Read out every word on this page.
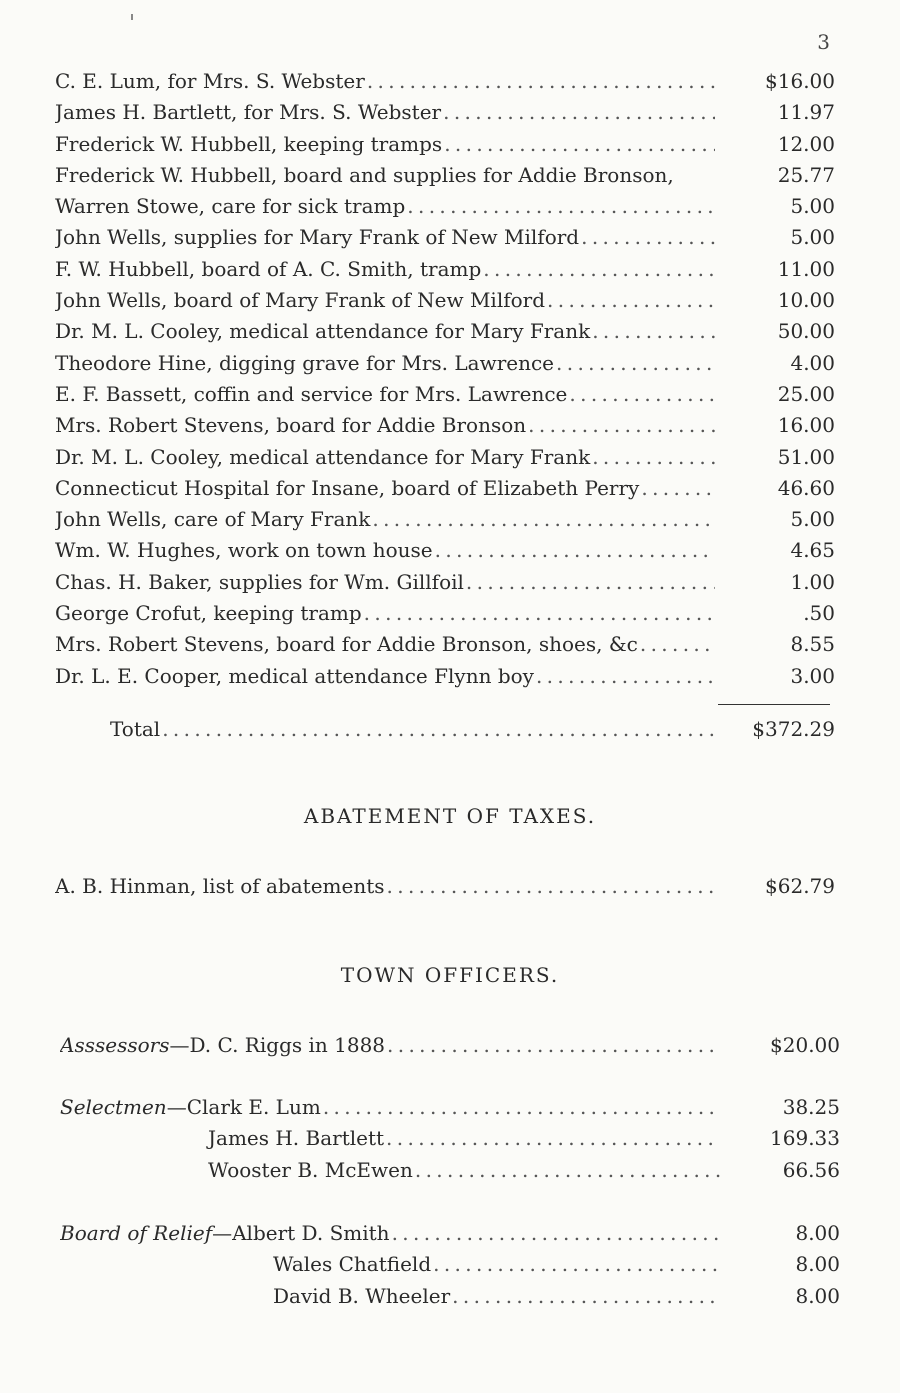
3
C. E. Lum, for Mrs. S. Webster . . .	$16.00
James H. Bartlett, for Mrs. S. Webster . . .	11.97
Frederick W. Hubbell, keeping tramps . . .	12.00
Frederick W. Hubbell, board and supplies for Addie Bronson,	25.77
Warren Stowe, care for sick tramp . . .	5.00
John Wells, supplies for Mary Frank of New Milford . . .	5.00
F. W. Hubbell, board of A. C. Smith, tramp . . .	11.00
John Wells, board of Mary Frank of New Milford . . .	10.00
Dr. M. L. Cooley, medical attendance for Mary Frank . . .	50.00
Theodore Hine, digging grave for Mrs. Lawrence . . .	4.00
E. F. Bassett, coffin and service for Mrs. Lawrence . . .	25.00
Mrs. Robert Stevens, board for Addie Bronson . . .	16.00
Dr. M. L. Cooley, medical attendance for Mary Frank . . .	51.00
Connecticut Hospital for Insane, board of Elizabeth Perry . . .	46.60
John Wells, care of Mary Frank . . .	5.00
Wm. W. Hughes, work on town house . . .	4.65
Chas. H. Baker, supplies for Wm. Gillfoil . . .	1.00
George Crofut, keeping tramp . . .	.50
Mrs. Robert Stevens, board for Addie Bronson, shoes, &c . . .	8.55
Dr. L. E. Cooper, medical attendance Flynn boy . . .	3.00
Total . . .	$372.29
ABATEMENT OF TAXES.
A. B. Hinman, list of abatements . . .	$62.79
TOWN OFFICERS.
Asssessors — D. C. Riggs in 1888 . . .	$20.00
Selectmen — Clark E. Lum . . .	38.25
James H. Bartlett . . .	169.33
Wooster B. McEwen . . .	66.56
Board of Relief — Albert D. Smith . . .	8.00
Wales Chatfield . . .	8.00
David B. Wheeler . . .	8.00
